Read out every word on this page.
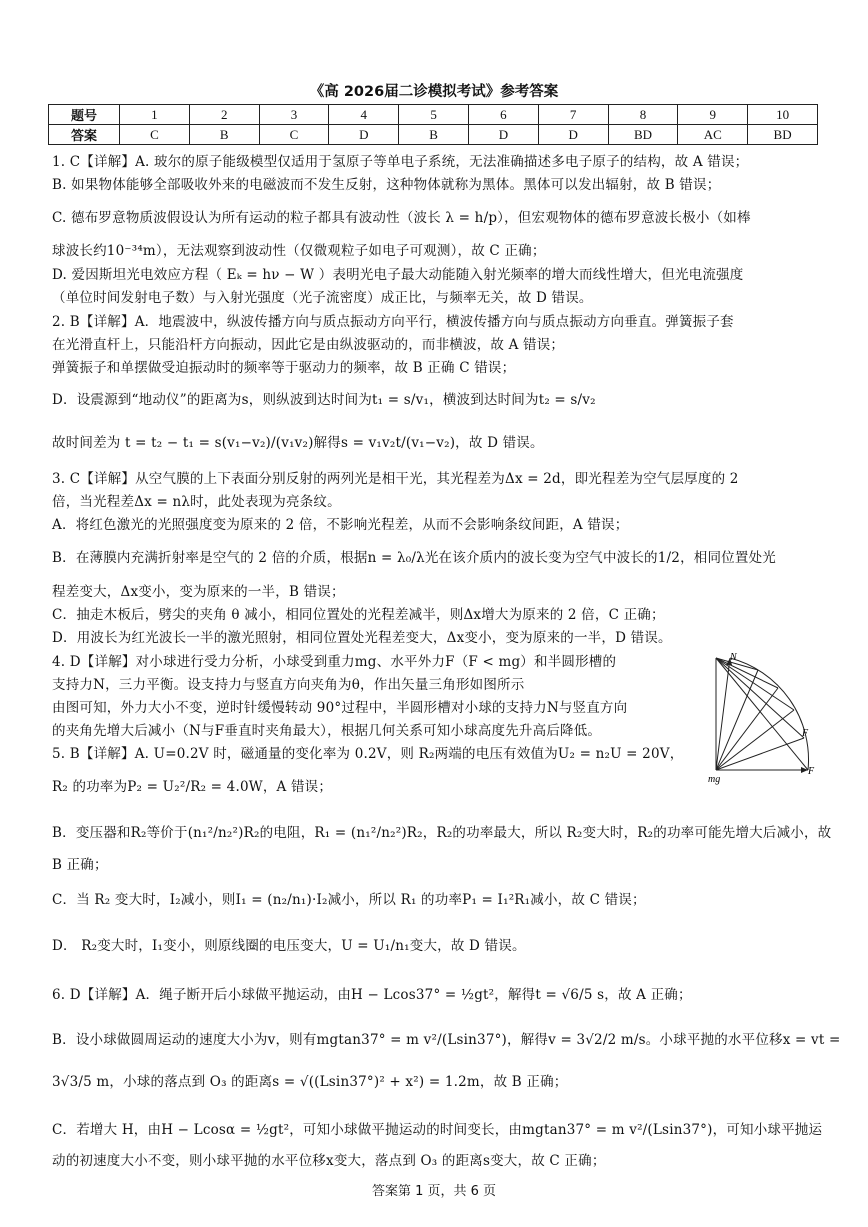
《高 2026届二诊模拟考试》参考答案
题号	1	2	3	4	5	6	7	8	9	10
答案	C	B	C	D	B	D	D	BD	AC	BD
1. C【详解】A. 玻尔的原子能级模型仅适用于氢原子等单电子系统，无法准确描述多电子原子的结构，故 A 错误；
B. 如果物体能够全部吸收外来的电磁波而不发生反射，这种物体就称为黑体。黑体可以发出辐射，故 B 错误；
C. 德布罗意物质波假设认为所有运动的粒子都具有波动性（波长 λ = h/p），但宏观物体的德布罗意波长极小（如棒
球波长约10⁻³⁴m），无法观察到波动性（仅微观粒子如电子可观测），故 C 正确；
D. 爱因斯坦光电效应方程（ Eₖ = hν − W ）表明光电子最大动能随入射光频率的增大而线性增大，但光电流强度
（单位时间发射电子数）与入射光强度（光子流密度）成正比，与频率无关，故 D 错误。
2. B【详解】A．地震波中，纵波传播方向与质点振动方向平行，横波传播方向与质点振动方向垂直。弹簧振子套
在光滑直杆上，只能沿杆方向振动，因此它是由纵波驱动的，而非横波，故 A 错误；
弹簧振子和单摆做受迫振动时的频率等于驱动力的频率，故 B 正确 C 错误；
D．设震源到“地动仪”的距离为s，则纵波到达时间为t₁ = s/v₁，横波到达时间为t₂ = s/v₂
故时间差为 t = t₂ − t₁ = s(v₁−v₂)/(v₁v₂)解得s = v₁v₂t/(v₁−v₂)，故 D 错误。
3. C【详解】从空气膜的上下表面分别反射的两列光是相干光，其光程差为Δx = 2d，即光程差为空气层厚度的 2
倍，当光程差Δx = nλ时，此处表现为亮条纹。
A．将红色激光的光照强度变为原来的 2 倍，不影响光程差，从而不会影响条纹间距，A 错误；
B．在薄膜内充满折射率是空气的 2 倍的介质，根据n = λ₀/λ光在该介质内的波长变为空气中波长的1/2，相同位置处光
程差变大，Δx变小，变为原来的一半，B 错误；
C．抽走木板后，劈尖的夹角 θ 减小，相同位置处的光程差减半，则Δx增大为原来的 2 倍，C 正确；
D．用波长为红光波长一半的激光照射，相同位置处光程差变大，Δx变小，变为原来的一半，D 错误。
4. D【详解】对小球进行受力分析，小球受到重力mg、水平外力F（F < mg）和半圆形槽的
支持力N，三力平衡。设支持力与竖直方向夹角为θ，作出矢量三角形如图所示
由图可知，外力大小不变，逆时针缓慢转动 90°过程中，半圆形槽对小球的支持力N与竖直方向
的夹角先增大后减小（N与F垂直时夹角最大），根据几何关系可知小球高度先升高后降低。
5. B【详解】A. U=0.2V 时，磁通量的变化率为 0.2V，则 R₂两端的电压有效值为U₂ = n₂U = 20V，
R₂ 的功率为P₂ = U₂²/R₂ = 4.0W，A 错误；
B．变压器和R₂等价于(n₁²/n₂²)R₂的电阻，R₁ = (n₁²/n₂²)R₂，R₂的功率最大，所以 R₂变大时，R₂的功率可能先增大后减小，故
B 正确；
C．当 R₂ 变大时，I₂减小，则I₁ = (n₂/n₁)·I₂减小，所以 R₁ 的功率P₁ = I₁²R₁减小，故 C 错误；
D． R₂变大时，I₁变小，则原线圈的电压变大，U = U₁/n₁变大，故 D 错误。
6. D【详解】A．绳子断开后小球做平抛运动，由H − Lcos37° = ½gt²，解得t = √6/5 s，故 A 正确；
B．设小球做圆周运动的速度大小为v，则有mgtan37° = m v²/(Lsin37°)，解得v = 3√2/2 m/s。小球平抛的水平位移x = vt =
3√3/5 m，小球的落点到 O₃ 的距离s = √((Lsin37°)² + x²) = 1.2m，故 B 正确；
C．若增大 H，由H − Lcosα = ½gt²，可知小球做平抛运动的时间变长，由mgtan37° = m v²/(Lsin37°)，可知小球平抛运
动的初速度大小不变，则小球平抛的水平位移x变大，落点到 O₃ 的距离s变大，故 C 正确；
N
F
mg
F
答案第 1 页，共 6 页
